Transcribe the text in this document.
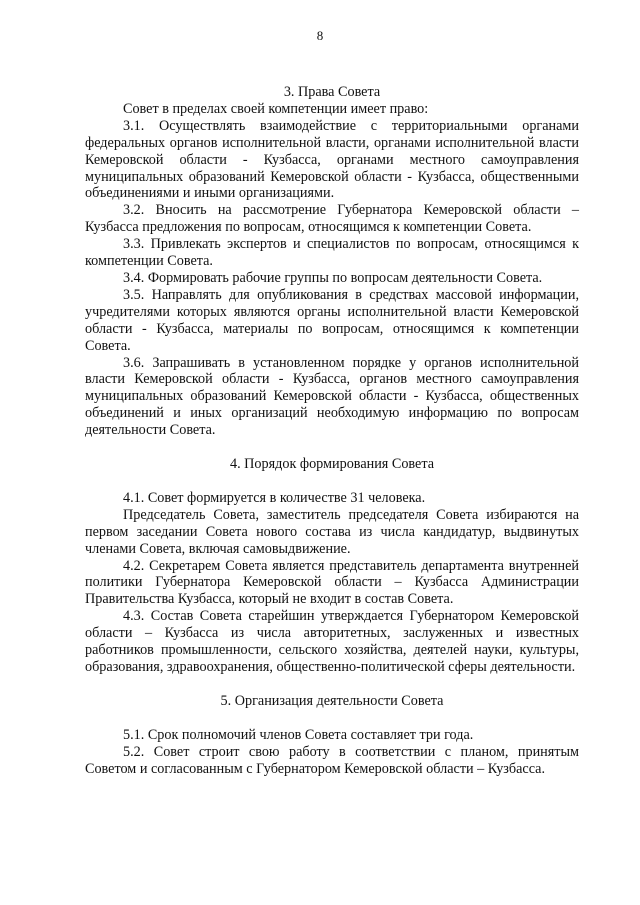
8

3. Права Совета

Совет в пределах своей компетенции имеет право:

3.1. Осуществлять взаимодействие с территориальными органами федеральных органов исполнительной власти, органами исполнительной власти Кемеровской области - Кузбасса, органами местного самоуправления муниципальных образований Кемеровской области - Кузбасса, общественными объединениями и иными организациями.

3.2. Вносить на рассмотрение Губернатора Кемеровской области – Кузбасса предложения по вопросам, относящимся к компетенции Совета.

3.3. Привлекать экспертов и специалистов по вопросам, относящимся к компетенции Совета.

3.4. Формировать рабочие группы по вопросам деятельности Совета.

3.5. Направлять для опубликования в средствах массовой информации, учредителями которых являются органы исполнительной власти Кемеровской области - Кузбасса, материалы по вопросам, относящимся к компетенции Совета.

3.6. Запрашивать в установленном порядке у органов исполнительной власти Кемеровской области - Кузбасса, органов местного самоуправления муниципальных образований Кемеровской области - Кузбасса, общественных объединений и иных организаций необходимую информацию по вопросам деятельности Совета.

4. Порядок формирования Совета

4.1. Совет формируется в количестве 31 человека.

Председатель Совета, заместитель председателя Совета избираются на первом заседании Совета нового состава из числа кандидатур, выдвинутых членами Совета, включая самовыдвижение.

4.2. Секретарем Совета является представитель департамента внутренней политики Губернатора Кемеровской области – Кузбасса Администрации Правительства Кузбасса, который не входит в состав Совета.

4.3. Состав Совета старейшин утверждается Губернатором Кемеровской области – Кузбасса из числа авторитетных, заслуженных и известных работников промышленности, сельского хозяйства, деятелей науки, культуры, образования, здравоохранения, общественно-политической сферы деятельности.

5. Организация деятельности Совета

5.1. Срок полномочий членов Совета составляет три года.

5.2. Совет строит свою работу в соответствии с планом, принятым Советом и согласованным с Губернатором Кемеровской области – Кузбасса.
